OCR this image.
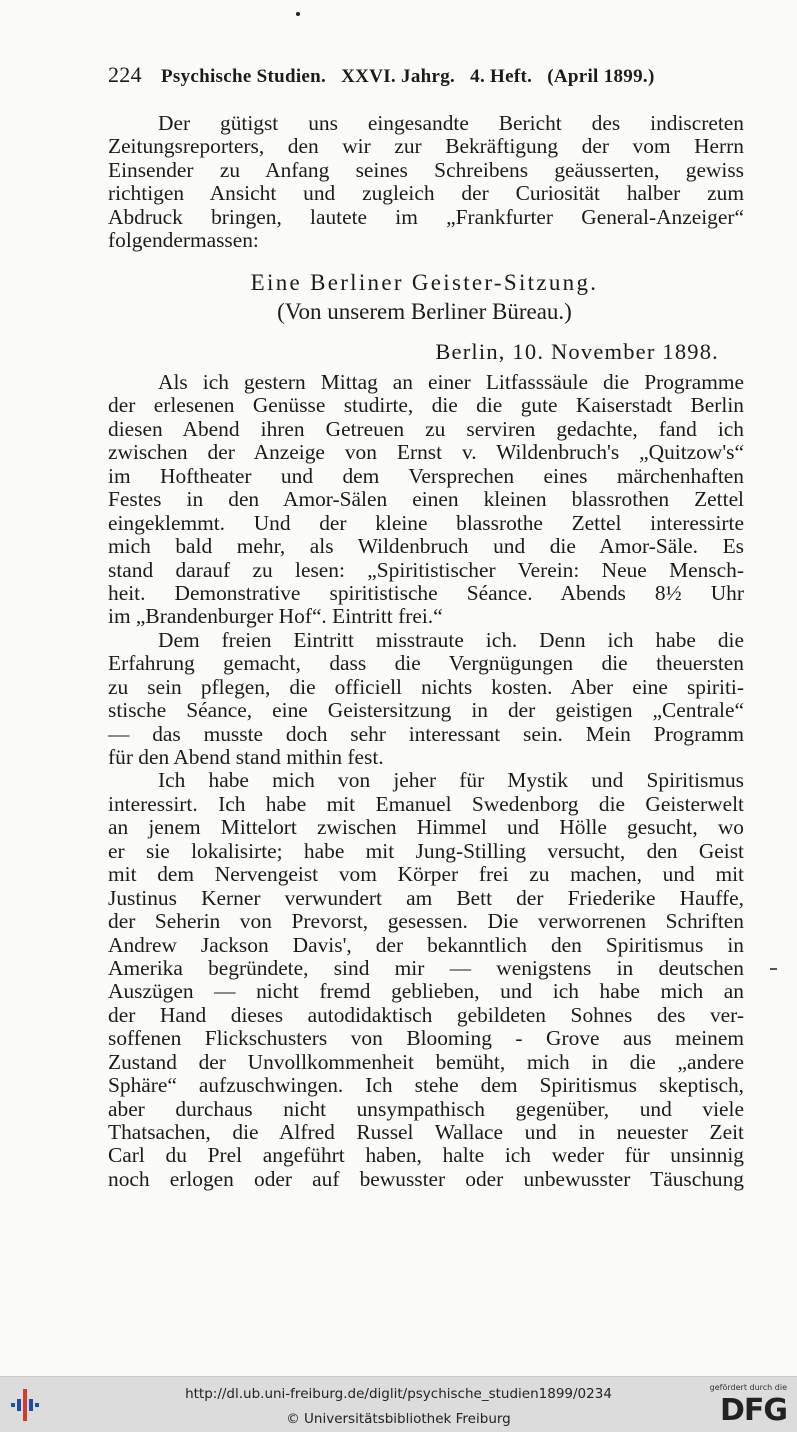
224 Psychische Studien. XXVI. Jahrg. 4. Heft. (April 1899.)
Der gütigst uns eingesandte Bericht des indiscreten
Zeitungsreporters, den wir zur Bekräftigung der vom Herrn
Einsender zu Anfang seines Schreibens geäusserten, gewiss
richtigen Ansicht und zugleich der Curiosität halber zum
Abdruck bringen, lautete im „Frankfurter General-Anzeiger“
folgendermassen:
Eine Berliner Geister-Sitzung.
(Von unserem Berliner Büreau.)
Berlin, 10. November 1898.
Als ich gestern Mittag an einer Litfasssäule die Programme
der erlesenen Genüsse studirte, die die gute Kaiserstadt Berlin
diesen Abend ihren Getreuen zu serviren gedachte, fand ich
zwischen der Anzeige von Ernst v. Wildenbruch's „Quitzow's“
im Hoftheater und dem Versprechen eines märchenhaften
Festes in den Amor-Sälen einen kleinen blassrothen Zettel
eingeklemmt. Und der kleine blassrothe Zettel interessirte
mich bald mehr, als Wildenbruch und die Amor-Säle. Es
stand darauf zu lesen: „Spiritistischer Verein: Neue Mensch-
heit. Demonstrative spiritistische Séance. Abends 8½ Uhr
im „Brandenburger Hof“. Eintritt frei.“
Dem freien Eintritt misstraute ich. Denn ich habe die
Erfahrung gemacht, dass die Vergnügungen die theuersten
zu sein pflegen, die officiell nichts kosten. Aber eine spiriti-
stische Séance, eine Geistersitzung in der geistigen „Centrale“
— das musste doch sehr interessant sein. Mein Programm
für den Abend stand mithin fest.
Ich habe mich von jeher für Mystik und Spiritismus
interessirt. Ich habe mit Emanuel Swedenborg die Geisterwelt
an jenem Mittelort zwischen Himmel und Hölle gesucht, wo
er sie lokalisirte; habe mit Jung-Stilling versucht, den Geist
mit dem Nervengeist vom Körper frei zu machen, und mit
Justinus Kerner verwundert am Bett der Friederike Hauffe,
der Seherin von Prevorst, gesessen. Die verworrenen Schriften
Andrew Jackson Davis', der bekanntlich den Spiritismus in
Amerika begründete, sind mir — wenigstens in deutschen
Auszügen — nicht fremd geblieben, und ich habe mich an
der Hand dieses autodidaktisch gebildeten Sohnes des ver-
soffenen Flickschusters von Blooming - Grove aus meinem
Zustand der Unvollkommenheit bemüht, mich in die „andere
Sphäre“ aufzuschwingen. Ich stehe dem Spiritismus skeptisch,
aber durchaus nicht unsympathisch gegenüber, und viele
Thatsachen, die Alfred Russel Wallace und in neuester Zeit
Carl du Prel angeführt haben, halte ich weder für unsinnig
noch erlogen oder auf bewusster oder unbewusster Täuschung
http://dl.ub.uni-freiburg.de/diglit/psychische_studien1899/0234
© Universitätsbibliothek Freiburg
gefördert durch die
DFG
